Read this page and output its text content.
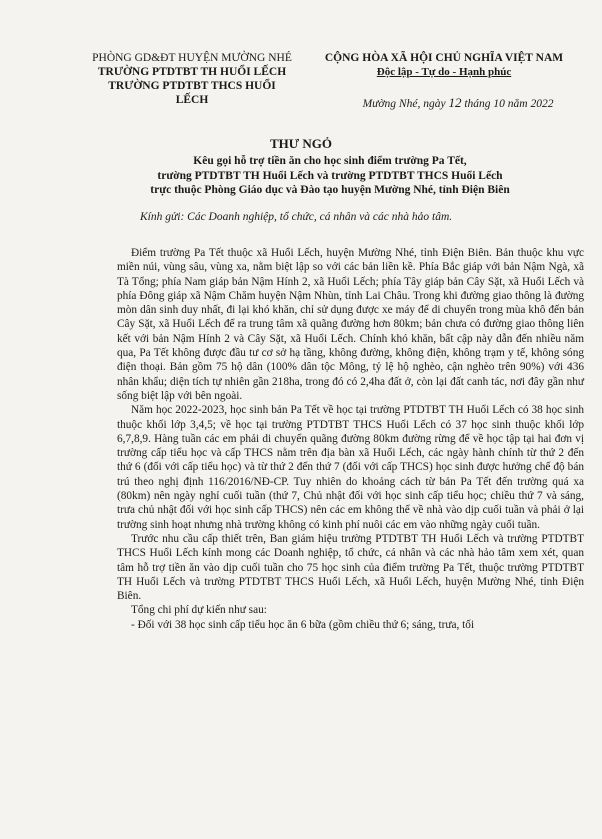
PHÒNG GD&ĐT HUYỆN MƯỜNG NHÉ
TRƯỜNG PTDTBT TH HUỔI LẾCH
TRƯỜNG PTDTBT THCS HUỔI LẾCH
CỘNG HÒA XÃ HỘI CHỦ NGHĨA VIỆT NAM
Độc lập - Tự do - Hạnh phúc
Mường Nhé, ngày 12 tháng 10 năm 2022
THƯ NGỎ
Kêu gọi hỗ trợ tiền ăn cho học sinh điểm trường Pa Tết,
trường PTDTBT TH Huổi Lếch và trường PTDTBT THCS Huổi Lếch
trực thuộc Phòng Giáo dục và Đào tạo huyện Mường Nhé, tỉnh Điện Biên
Kính gửi: Các Doanh nghiệp, tổ chức, cá nhân và các nhà hảo tâm.

Điểm trường Pa Tết thuộc xã Huổi Lếch, huyện Mường Nhé, tỉnh Điện Biên. Bản thuộc khu vực miền núi, vùng sâu, vùng xa, nằm biệt lập so với các bản liền kề. Phía Bắc giáp với bản Nậm Ngà, xã Tà Tổng; phía Nam giáp bản Nậm Hính 2, xã Huổi Lếch; phía Tây giáp bản Cây Sặt, xã Huổi Lếch và phía Đông giáp xã Nậm Chăm huyện Nậm Nhùn, tỉnh Lai Châu. Trong khi đường giao thông là đường mòn dân sinh duy nhất, đi lại khó khăn, chỉ sử dụng được xe máy để di chuyển trong mùa khô đến bản Cây Sặt, xã Huổi Lếch để ra trung tâm xã quãng đường hơn 80km; bản chưa có đường giao thông liên kết với bản Nậm Hính 2 và Cây Sặt, xã Huổi Lếch. Chính khó khăn, bất cập này dẫn đến nhiều năm qua, Pa Tết không được đầu tư cơ sở hạ tầng, không đường, không điện, không trạm y tế, không sóng điện thoại. Bản gồm 75 hộ dân (100% dân tộc Mông, tỷ lệ hộ nghèo, cận nghèo trên 90%) với 436 nhân khẩu; diện tích tự nhiên gần 218ha, trong đó có 2,4ha đất ở, còn lại đất canh tác, nơi đây gần như sống biệt lập với bên ngoài.

Năm học 2022-2023, học sinh bản Pa Tết về học tại trường PTDTBT TH Huổi Lếch có 38 học sinh thuộc khối lớp 3,4,5; về học tại trường PTDTBT THCS Huổi Lếch có 37 học sinh thuộc khối lớp 6,7,8,9. Hàng tuần các em phải di chuyển quãng đường 80km đường rừng để về học tập tại hai đơn vị trường cấp tiểu học và cấp THCS nằm trên địa bàn xã Huổi Lếch, các ngày hành chính từ thứ 2 đến thứ 6 (đối với cấp tiểu học) và từ thứ 2 đến thứ 7 (đối với cấp THCS) học sinh được hưởng chế độ bán trú theo nghị định 116/2016/NĐ-CP. Tuy nhiên do khoảng cách từ bản Pa Tết đến trường quá xa (80km) nên ngày nghỉ cuối tuần (thứ 7, Chủ nhật đối với học sinh cấp tiểu học; chiều thứ 7 và sáng, trưa chủ nhật đối với học sinh cấp THCS) nên các em không thể về nhà vào dịp cuối tuần và phải ở lại trường sinh hoạt nhưng nhà trường không có kinh phí nuôi các em vào những ngày cuối tuần.

Trước nhu cầu cấp thiết trên, Ban giám hiệu trường PTDTBT TH Huổi Lếch và trường PTDTBT THCS Huổi Lếch kính mong các Doanh nghiệp, tổ chức, cá nhân và các nhà hảo tâm xem xét, quan tâm hỗ trợ tiền ăn vào dịp cuối tuần cho 75 học sinh của điểm trường Pa Tết, thuộc trường PTDTBT TH Huổi Lếch và trường PTDTBT THCS Huổi Lếch, xã Huổi Lếch, huyện Mường Nhé, tỉnh Điện Biên.

Tổng chi phí dự kiến như sau:

- Đối với 38 học sinh cấp tiểu học ăn 6 bữa (gồm chiều thứ 6; sáng, trưa, tối
